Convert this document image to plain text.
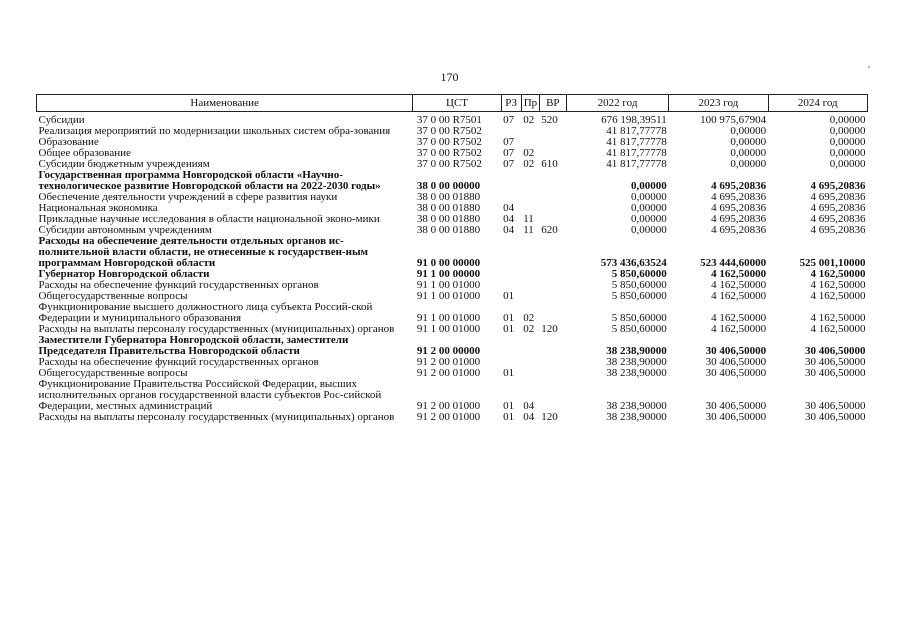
170
Наименование	ЦСТ	РЗ	Пр	ВР	2022 год	2023 год	2024 год
Субсидии	37 0 00 R7501	07	02	520	676 198,39511	100 975,67904	0,00000
Реализация мероприятий по модернизации школьных систем обра-зования	37 0 00 R7502				41 817,77778	0,00000	0,00000
Образование	37 0 00 R7502	07			41 817,77778	0,00000	0,00000
Общее образование	37 0 00 R7502	07	02		41 817,77778	0,00000	0,00000
Субсидии бюджетным учреждениям	37 0 00 R7502	07	02	610	41 817,77778	0,00000	0,00000
Государственная программа Новгородской области «Научно-технологическое развитие Новгородской области на 2022-2030 годы»	38 0 00 00000				0,00000	4 695,20836	4 695,20836
Обеспечение деятельности учреждений в сфере развития науки	38 0 00 01880				0,00000	4 695,20836	4 695,20836
Национальная экономика	38 0 00 01880	04			0,00000	4 695,20836	4 695,20836
Прикладные научные исследования в области национальной эконо-мики	38 0 00 01880	04	11		0,00000	4 695,20836	4 695,20836
Субсидии автономным учреждениям	38 0 00 01880	04	11	620	0,00000	4 695,20836	4 695,20836
Расходы на обеспечение деятельности отдельных органов ис-полнительной власти области, не отнесенные к государствен-ным программам Новгородской области	91 0 00 00000				573 436,63524	523 444,60000	525 001,10000
Губернатор Новгородской области	91 1 00 00000				5 850,60000	4 162,50000	4 162,50000
Расходы на обеспечение функций государственных органов	91 1 00 01000				5 850,60000	4 162,50000	4 162,50000
Общегосударственные вопросы	91 1 00 01000	01			5 850,60000	4 162,50000	4 162,50000
Функционирование высшего должностного лица субъекта Россий-ской Федерации и муниципального образования	91 1 00 01000	01	02		5 850,60000	4 162,50000	4 162,50000
Расходы на выплаты персоналу государственных (муниципальных) органов	91 1 00 01000	01	02	120	5 850,60000	4 162,50000	4 162,50000
Заместители Губернатора Новгородской области, заместители Председателя Правительства Новгородской области	91 2 00 00000				38 238,90000	30 406,50000	30 406,50000
Расходы на обеспечение функций государственных органов	91 2 00 01000				38 238,90000	30 406,50000	30 406,50000
Общегосударственные вопросы	91 2 00 01000	01			38 238,90000	30 406,50000	30 406,50000
Функционирование Правительства Российской Федерации, высших исполнительных органов государственной власти субъектов Рос-сийской Федерации, местных администраций	91 2 00 01000	01	04		38 238,90000	30 406,50000	30 406,50000
Расходы на выплаты персоналу государственных (муниципальных) органов	91 2 00 01000	01	04	120	38 238,90000	30 406,50000	30 406,50000
